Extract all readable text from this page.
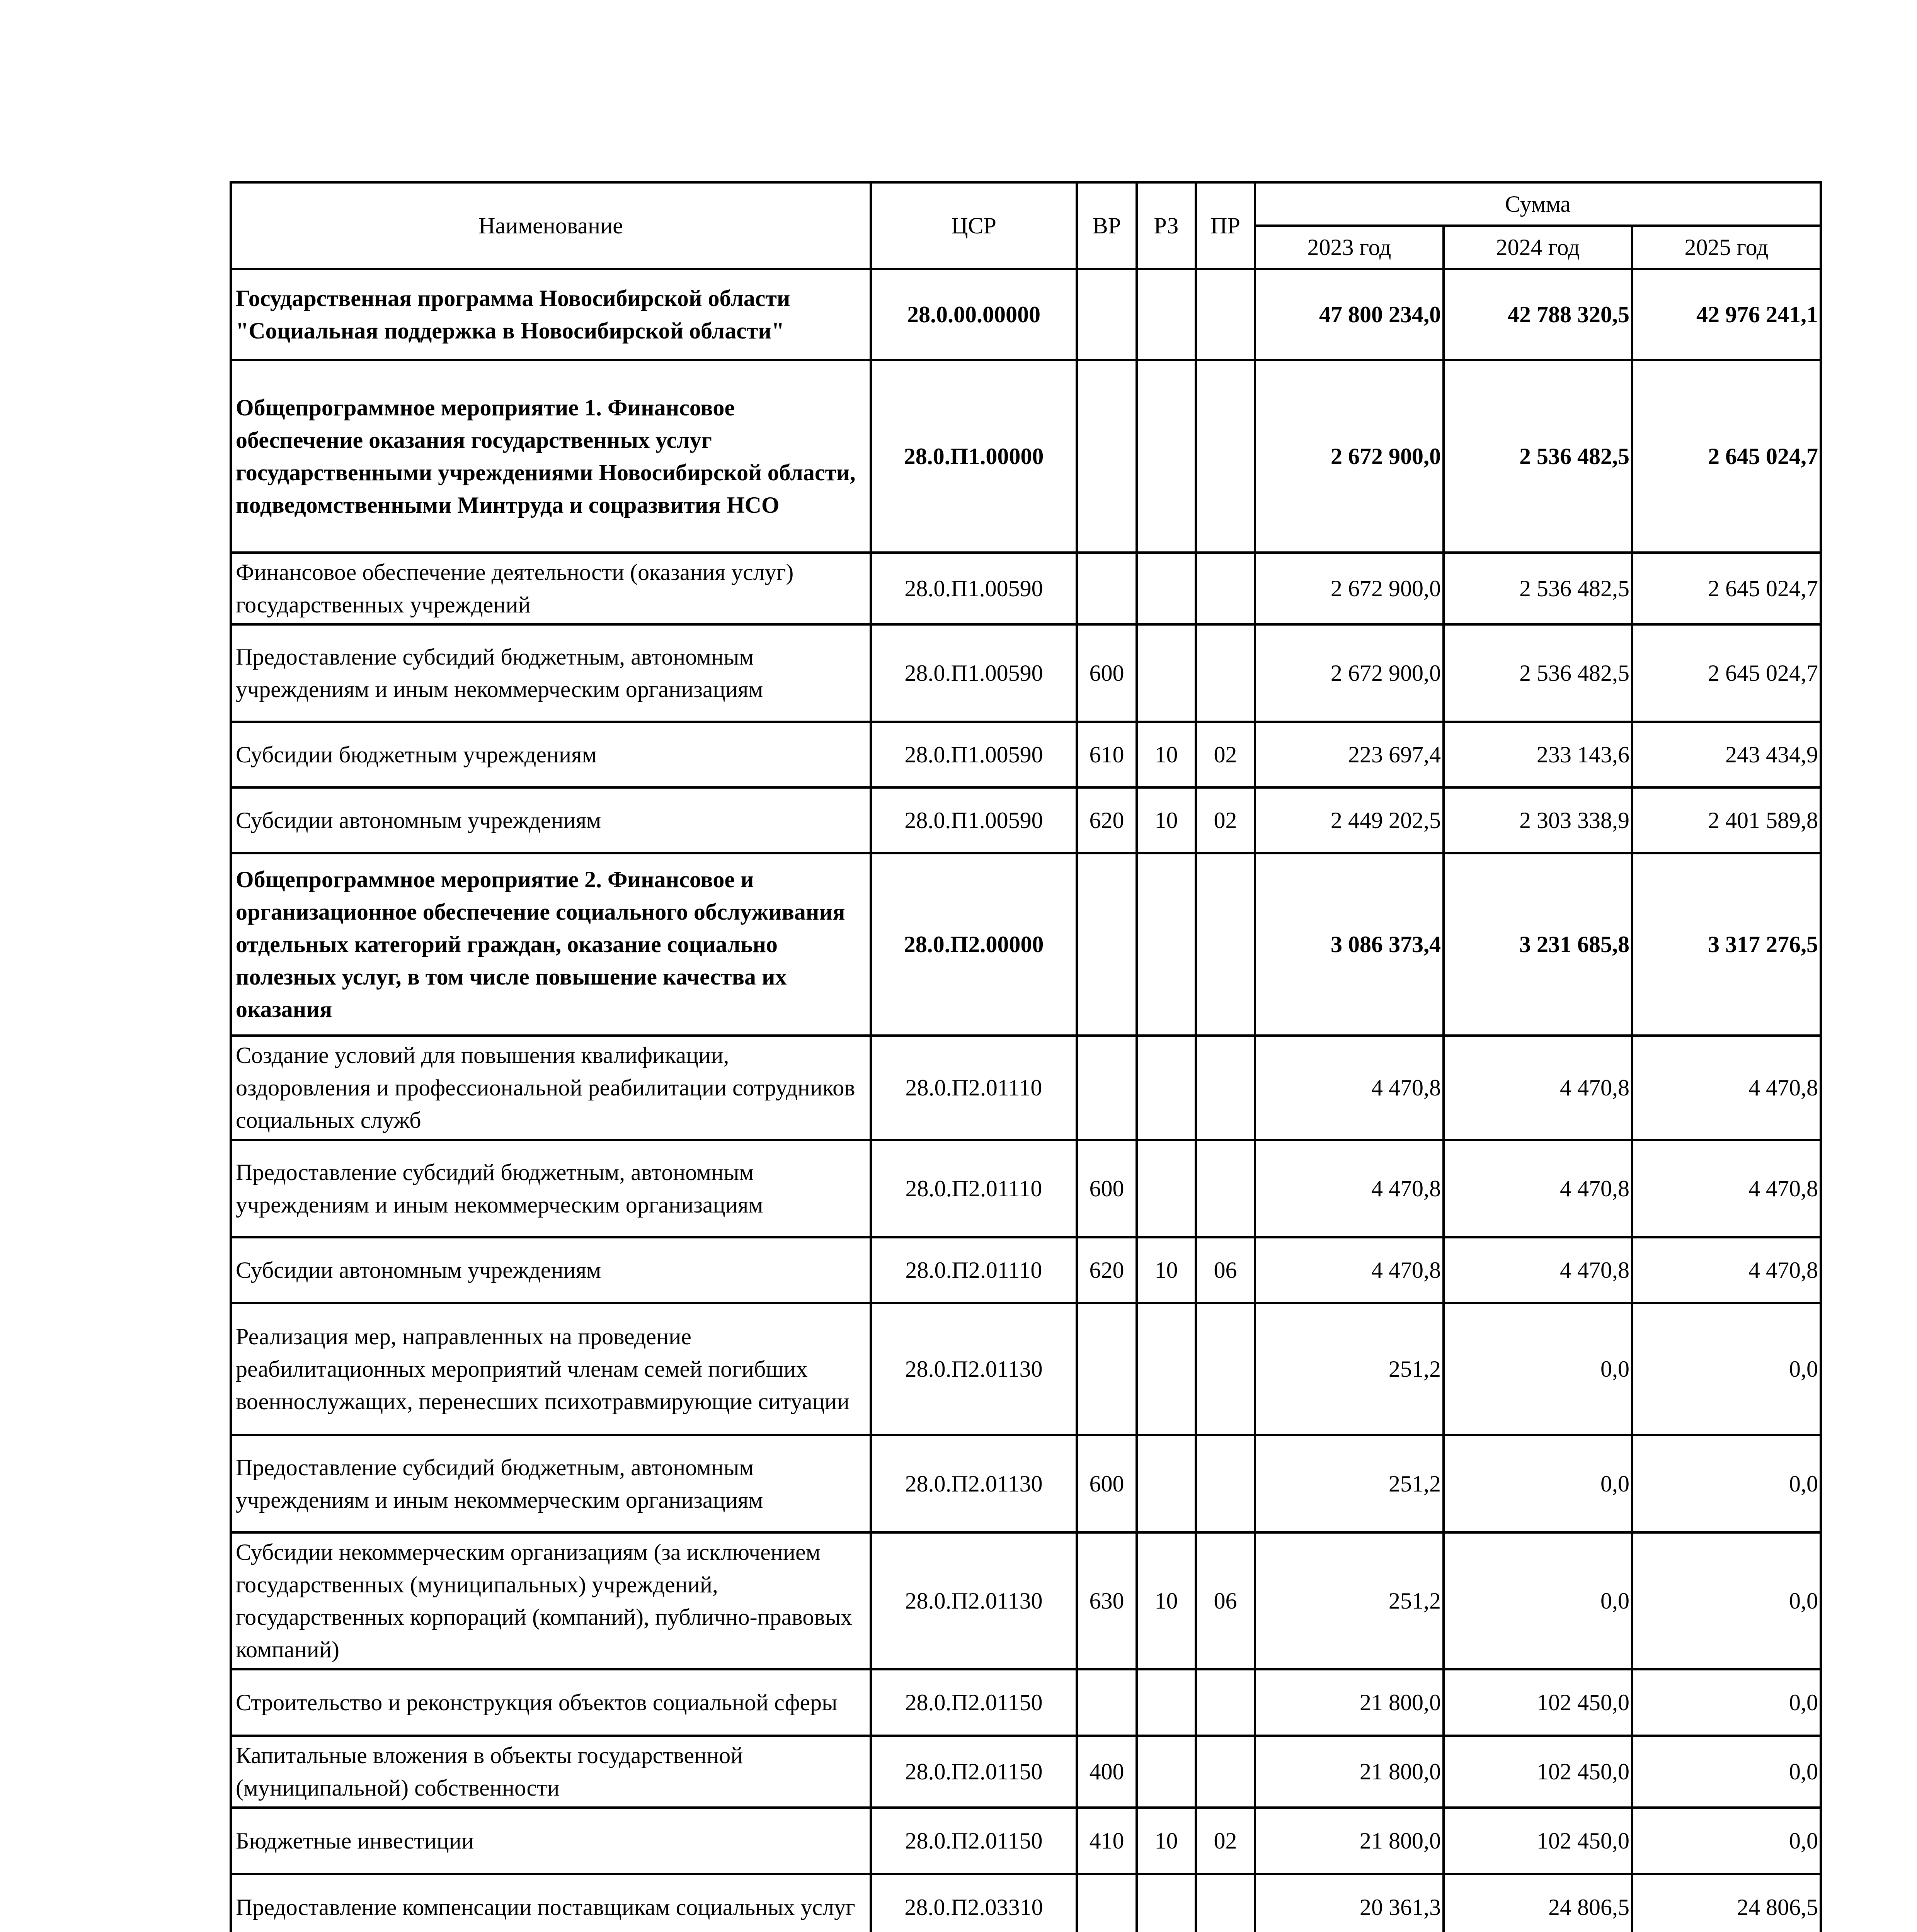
Наименование	ЦСР	ВР	РЗ	ПР	Сумма		
					2023 год	2024 год	2025 год
Государственная программа Новосибирской области "Социальная поддержка в Новосибирской области"	28.0.00.00000				47 800 234,0	42 788 320,5	42 976 241,1
Общепрограммное мероприятие 1. Финансовое обеспечение оказания государственных услуг государственными учреждениями Новосибирской области, подведомственными Минтруда и соцразвития НСО	28.0.П1.00000				2 672 900,0	2 536 482,5	2 645 024,7
Финансовое обеспечение деятельности (оказания услуг) государственных учреждений	28.0.П1.00590				2 672 900,0	2 536 482,5	2 645 024,7
Предоставление субсидий бюджетным, автономным учреждениям и иным некоммерческим организациям	28.0.П1.00590	600			2 672 900,0	2 536 482,5	2 645 024,7
Субсидии бюджетным учреждениям	28.0.П1.00590	610	10	02	223 697,4	233 143,6	243 434,9
Субсидии автономным учреждениям	28.0.П1.00590	620	10	02	2 449 202,5	2 303 338,9	2 401 589,8
Общепрограммное мероприятие 2. Финансовое и организационное обеспечение социального обслуживания отдельных категорий граждан, оказание социально полезных услуг, в том числе повышение качества их оказания	28.0.П2.00000				3 086 373,4	3 231 685,8	3 317 276,5
Создание условий для повышения квалификации, оздоровления и профессиональной реабилитации сотрудников социальных служб	28.0.П2.01110				4 470,8	4 470,8	4 470,8
Предоставление субсидий бюджетным, автономным учреждениям и иным некоммерческим организациям	28.0.П2.01110	600			4 470,8	4 470,8	4 470,8
Субсидии автономным учреждениям	28.0.П2.01110	620	10	06	4 470,8	4 470,8	4 470,8
Реализация мер, направленных на проведение реабилитационных мероприятий членам семей погибших военнослужащих, перенесших психотравмирующие ситуации	28.0.П2.01130				251,2	0,0	0,0
Предоставление субсидий бюджетным, автономным учреждениям и иным некоммерческим организациям	28.0.П2.01130	600			251,2	0,0	0,0
Субсидии некоммерческим организациям (за исключением государственных (муниципальных) учреждений, государственных корпораций (компаний), публично-правовых компаний)	28.0.П2.01130	630	10	06	251,2	0,0	0,0
Строительство и реконструкция объектов социальной сферы	28.0.П2.01150				21 800,0	102 450,0	0,0
Капитальные вложения в объекты государственной (муниципальной) собственности	28.0.П2.01150	400			21 800,0	102 450,0	0,0
Бюджетные инвестиции	28.0.П2.01150	410	10	02	21 800,0	102 450,0	0,0
Предоставление компенсации поставщикам социальных услуг	28.0.П2.03310				20 361,3	24 806,5	24 806,5
